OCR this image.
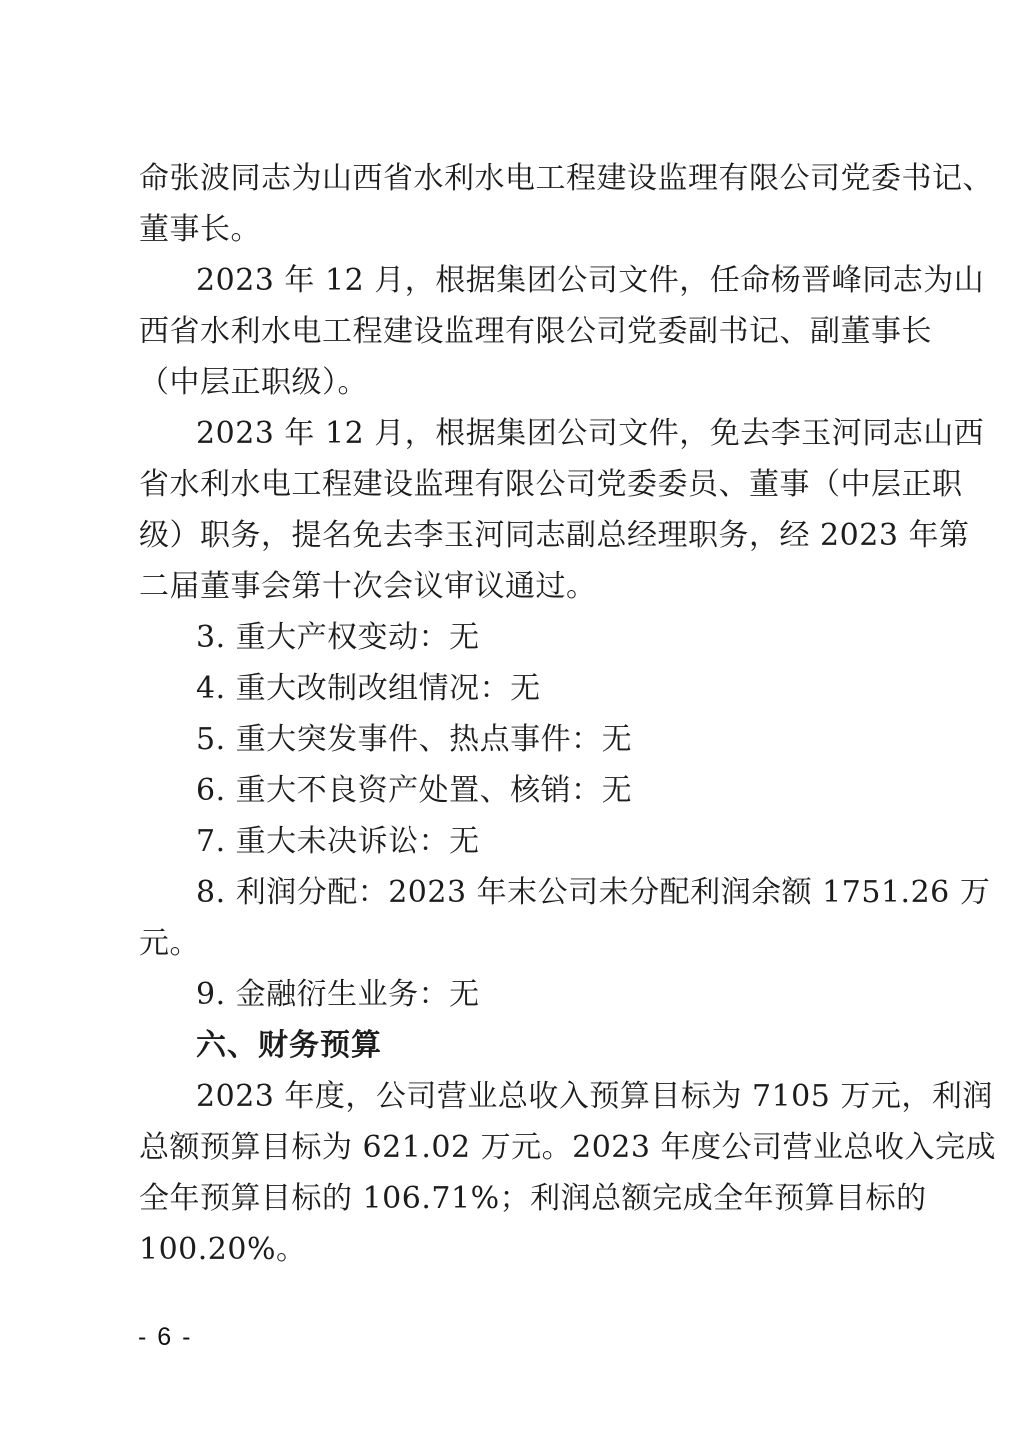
命 张 波 同 志 为 山 西 省 水 利 水 电 工 程 建 设 监 理 有 限 公 司 党 委 书 记 、
董事长。
2 0 2 3
年
1 2
月 ， 根 据 集 团 公 司 文 件 ， 任 命 杨 晋 峰 同 志 为 山
西 省 水 利 水 电 工 程 建 设 监 理 有 限 公 司 党 委 副 书 记 、 副 董 事 长
（中层正职级）。
2 0 2 3
年
1 2
月 ， 根 据 集 团 公 司 文 件 ， 免 去 李 玉 河 同 志 山 西
省 水 利 水 电 工 程 建 设 监 理 有 限 公 司 党 委 委 员 、 董 事 （ 中 层 正 职
级 ） 职 务 ， 提 名 免 去 李 玉 河 同 志 副 总 经 理 职 务 ， 经
2 0 2 3
年 第
二届董事会第十次会议审议通过。
3. 重大产权变动：无
4. 重大改制改组情况：无
5. 重大突发事件、热点事件：无
6. 重大不良资产处置、核销：无
7. 重大未决诉讼：无
8 .
利 润 分 配 ： 2 0 2 3
年 末 公 司 未 分 配 利 润 余 额
1 7 5 1 . 2 6
万
元。
9. 金融衍生业务：无
六、财务预算
2 0 2 3
年 度 ， 公 司 营 业 总 收 入 预 算 目 标 为
7 1 0 5
万 元 ， 利 润
总 额 预 算 目 标 为
6 2 1 . 0 2
万 元 。 2 0 2 3
年 度 公 司 营 业 总 收 入 完 成
全 年 预 算 目 标 的
1 0 6 . 7 1 % ； 利 润 总 额 完 成 全 年 预 算 目 标 的
100.20%。
- 6 -
